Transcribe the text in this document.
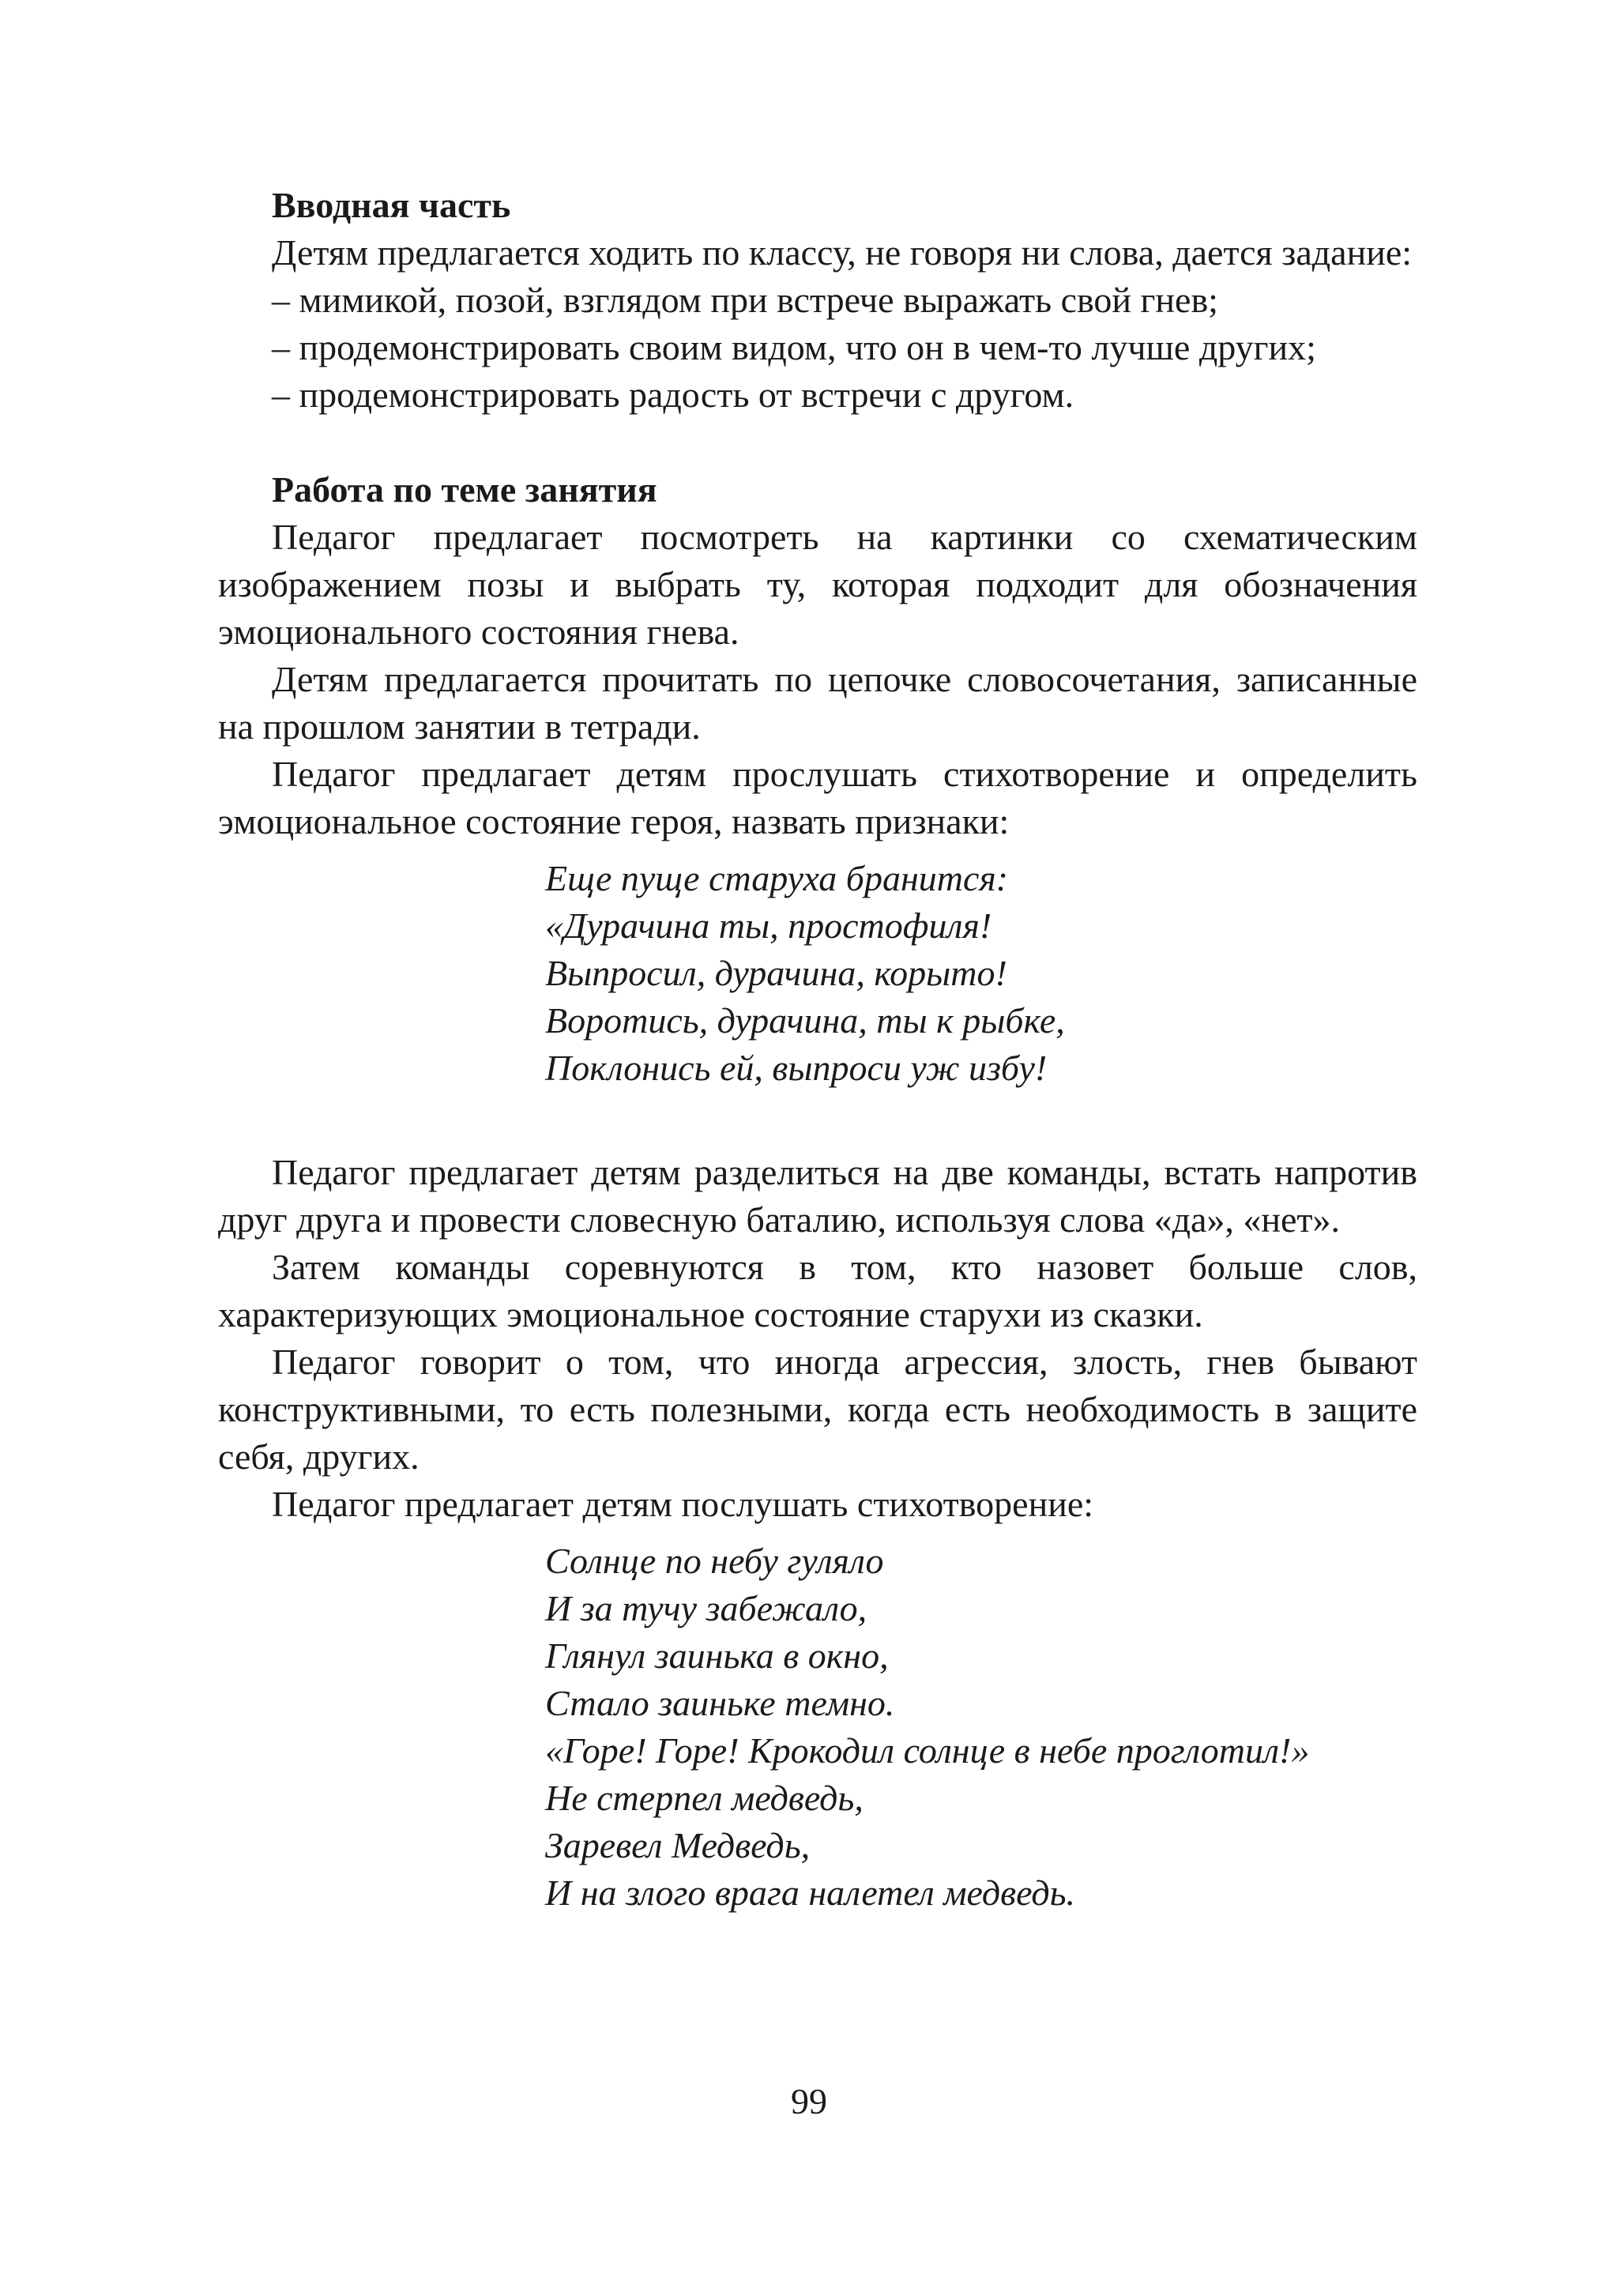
Вводная часть

Детям предлагается ходить по классу, не говоря ни слова, дается задание:

– мимикой, позой, взглядом при встрече выражать свой гнев;
– продемонстрировать своим видом, что он в чем-то лучше других;
– продемонстрировать радость от встречи с другом.
Работа по теме занятия

Педагог предлагает посмотреть на картинки со схематическим изображением позы и выбрать ту, которая подходит для обозначения эмоционального состояния гнева.

Детям предлагается прочитать по цепочке словосочетания, записанные на прошлом занятии в тетради.

Педагог предлагает детям прослушать стихотворение и определить эмоциональное состояние героя, назвать признаки:

Еще пуще старуха бранится:
«Дурачина ты, простофиля!
Выпросил, дурачина, корыто!
Воротись, дурачина, ты к рыбке,
Поклонись ей, выпроси уж избу!

Педагог предлагает детям разделиться на две команды, встать напротив друг друга и провести словесную баталию, используя слова «да», «нет».

Затем команды соревнуются в том, кто назовет больше слов, характеризующих эмоциональное состояние старухи из сказки.

Педагог говорит о том, что иногда агрессия, злость, гнев бывают конструктивными, то есть полезными, когда есть необходимость в защите себя, других.

Педагог предлагает детям послушать стихотворение:

Солнце по небу гуляло
И за тучу забежало,
Глянул заинька в окно,
Стало заиньке темно.
«Горе! Горе! Крокодил солнце в небе проглотил!»
Не стерпел медведь,
Заревел Медведь,
И на злого врага налетел медведь.
99
